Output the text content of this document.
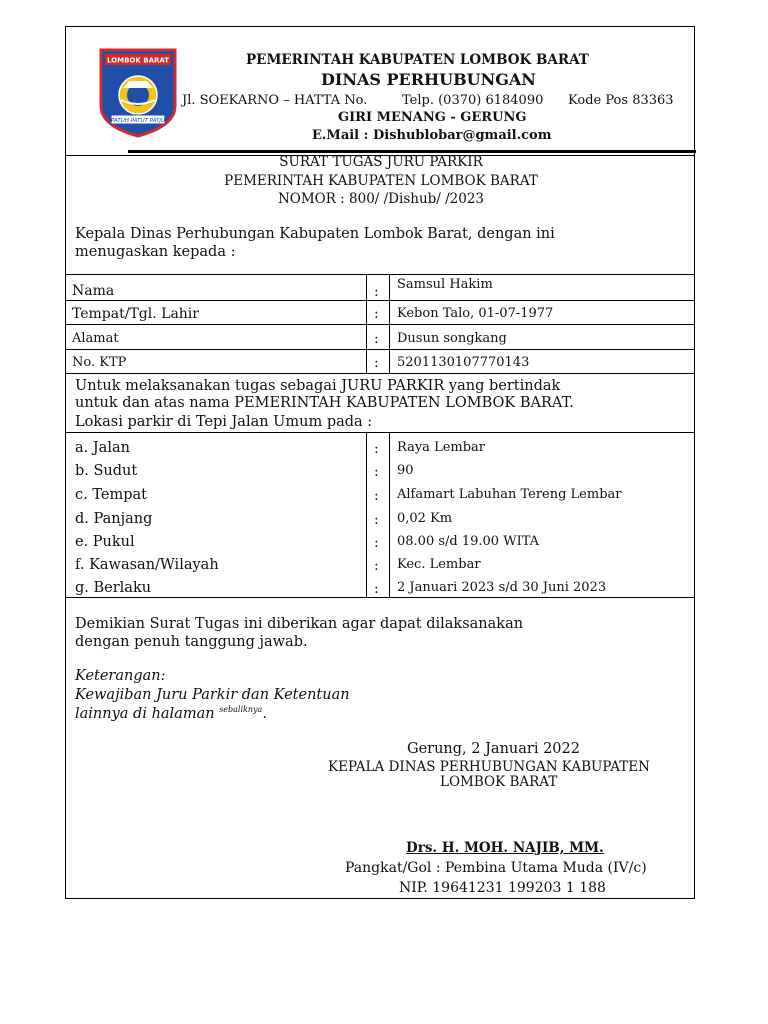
LOMBOK BARAT
PATUH PATUT PATJU
PEMERINTAH KABUPATEN LOMBOK BARAT
DINAS PERHUBUNGAN
Jl. SOEKARNO – HATTA No.	Telp. (0370) 6184090 Kode Pos 83363
GIRI MENANG - GERUNG
E.Mail : Dishublobar@gmail.com
SURAT TUGAS JURU PARKIR
PEMERINTAH KABUPATEN LOMBOK BARAT
NOMOR : 800/ /Dishub/ /2023
Kepala Dinas Perhubungan Kabupaten Lombok Barat, dengan ini
menugaskan kepada :
Nama	: Samsul Hakim
Tempat/Tgl. Lahir	: Kebon Talo, 01-07-1977
Alamat	: Dusun songkang
No. KTP	: 5201130107770143
Untuk melaksanakan tugas sebagai JURU PARKIR yang bertindak
untuk dan atas nama PEMERINTAH KABUPATEN LOMBOK BARAT.
Lokasi parkir di Tepi Jalan Umum pada :
a. Jalan	: Raya Lembar
b. Sudut	: 90
c. Tempat	: Alfamart Labuhan Tereng Lembar
d. Panjang	: 0,02 Km
e. Pukul	: 08.00 s/d 19.00 WITA
f. Kawasan/Wilayah	: Kec. Lembar
g. Berlaku	: 2 Januari 2023 s/d 30 Juni 2023
Demikian Surat Tugas ini diberikan agar dapat dilaksanakan
dengan penuh tanggung jawab.
Keterangan:
Kewajiban Juru Parkir dan Ketentuan
lainnya di halaman $^{sebaliknya}$.
Gerung, 2 Januari 2022
KEPALA DINAS PERHUBUNGAN KABUPATEN
LOMBOK BARAT
Drs. H. MOH. NAJIB, MM.
Pangkat/Gol : Pembina Utama Muda (IV/c)
NIP. 19641231 199203 1 188
